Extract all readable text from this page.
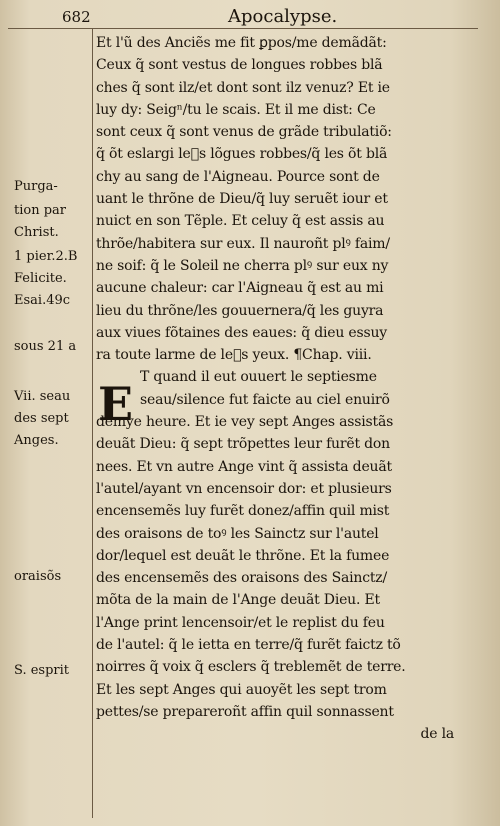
682	Apocalypse.
Purga-
tion par
Christ.
1 pier.2.B
Felicite.
Esai.49c
sous 21 a
Vii. seau
des sept
Anges.
oraisõs
S. esprit
E
Et l'ũ des Anciẽs me fit ꝑpos/me demãdãt:
Ceux q̃ sont vestus de longues robbes blã
ches q̃ sont ilz/et dont sont ilz venuz? Et ie
luy dy: Seigⁿ/tu le scais. Et il me dist: Ce
sont ceux q̃ sont venus de grãde tribulatiõ:
q̃ õt eslargi leᷣs lõgues robbes/q̃ les õt blã
chy au sang de l'Aigneau. Pource sont de
uant le thrõne de Dieu/q̃ luy seruẽt iour et
nuict en son Tẽple. Et celuy q̃ est assis au
thrõe/habitera sur eux. Il nauroñt plꝰ faim/
ne soif: q̃ le Soleil ne cherra plꝰ sur eux ny
aucune chaleur: car l'Aigneau q̃ est au mi
lieu du thrõne/les gouuernera/q̃ les guyra
aux viues fõtaines des eaues: q̃ dieu essuy
ra toute larme de leᷣs yeux. ¶Chap. viii.
T quand il eut ouuert le septiesme
seau/silence fut faicte au ciel enuirõ
demye heure. Et ie vey sept Anges assistãs
deuãt Dieu: q̃ sept trõpettes leur furẽt don
nees. Et vn autre Ange vint q̃ assista deuãt
l'autel/ayant vn encensoir dor: et plusieurs
encensemẽs luy furẽt donez/affin quil mist
des oraisons de toꝰ les Sainctz sur l'autel
dor/lequel est deuãt le thrõne. Et la fumee
des encensemẽs des oraisons des Sainctz/
mõta de la main de l'Ange deuãt Dieu. Et
l'Ange print lencensoir/et le replist du feu
de l'autel: q̃ le ietta en terre/q̃ furẽt faictz tõ
noirres q̃ voix q̃ esclers q̃ treblemẽt de terre.
Et les sept Anges qui auoyẽt les sept trom
pettes/se prepareroñt affin quil sonnassent
de la
